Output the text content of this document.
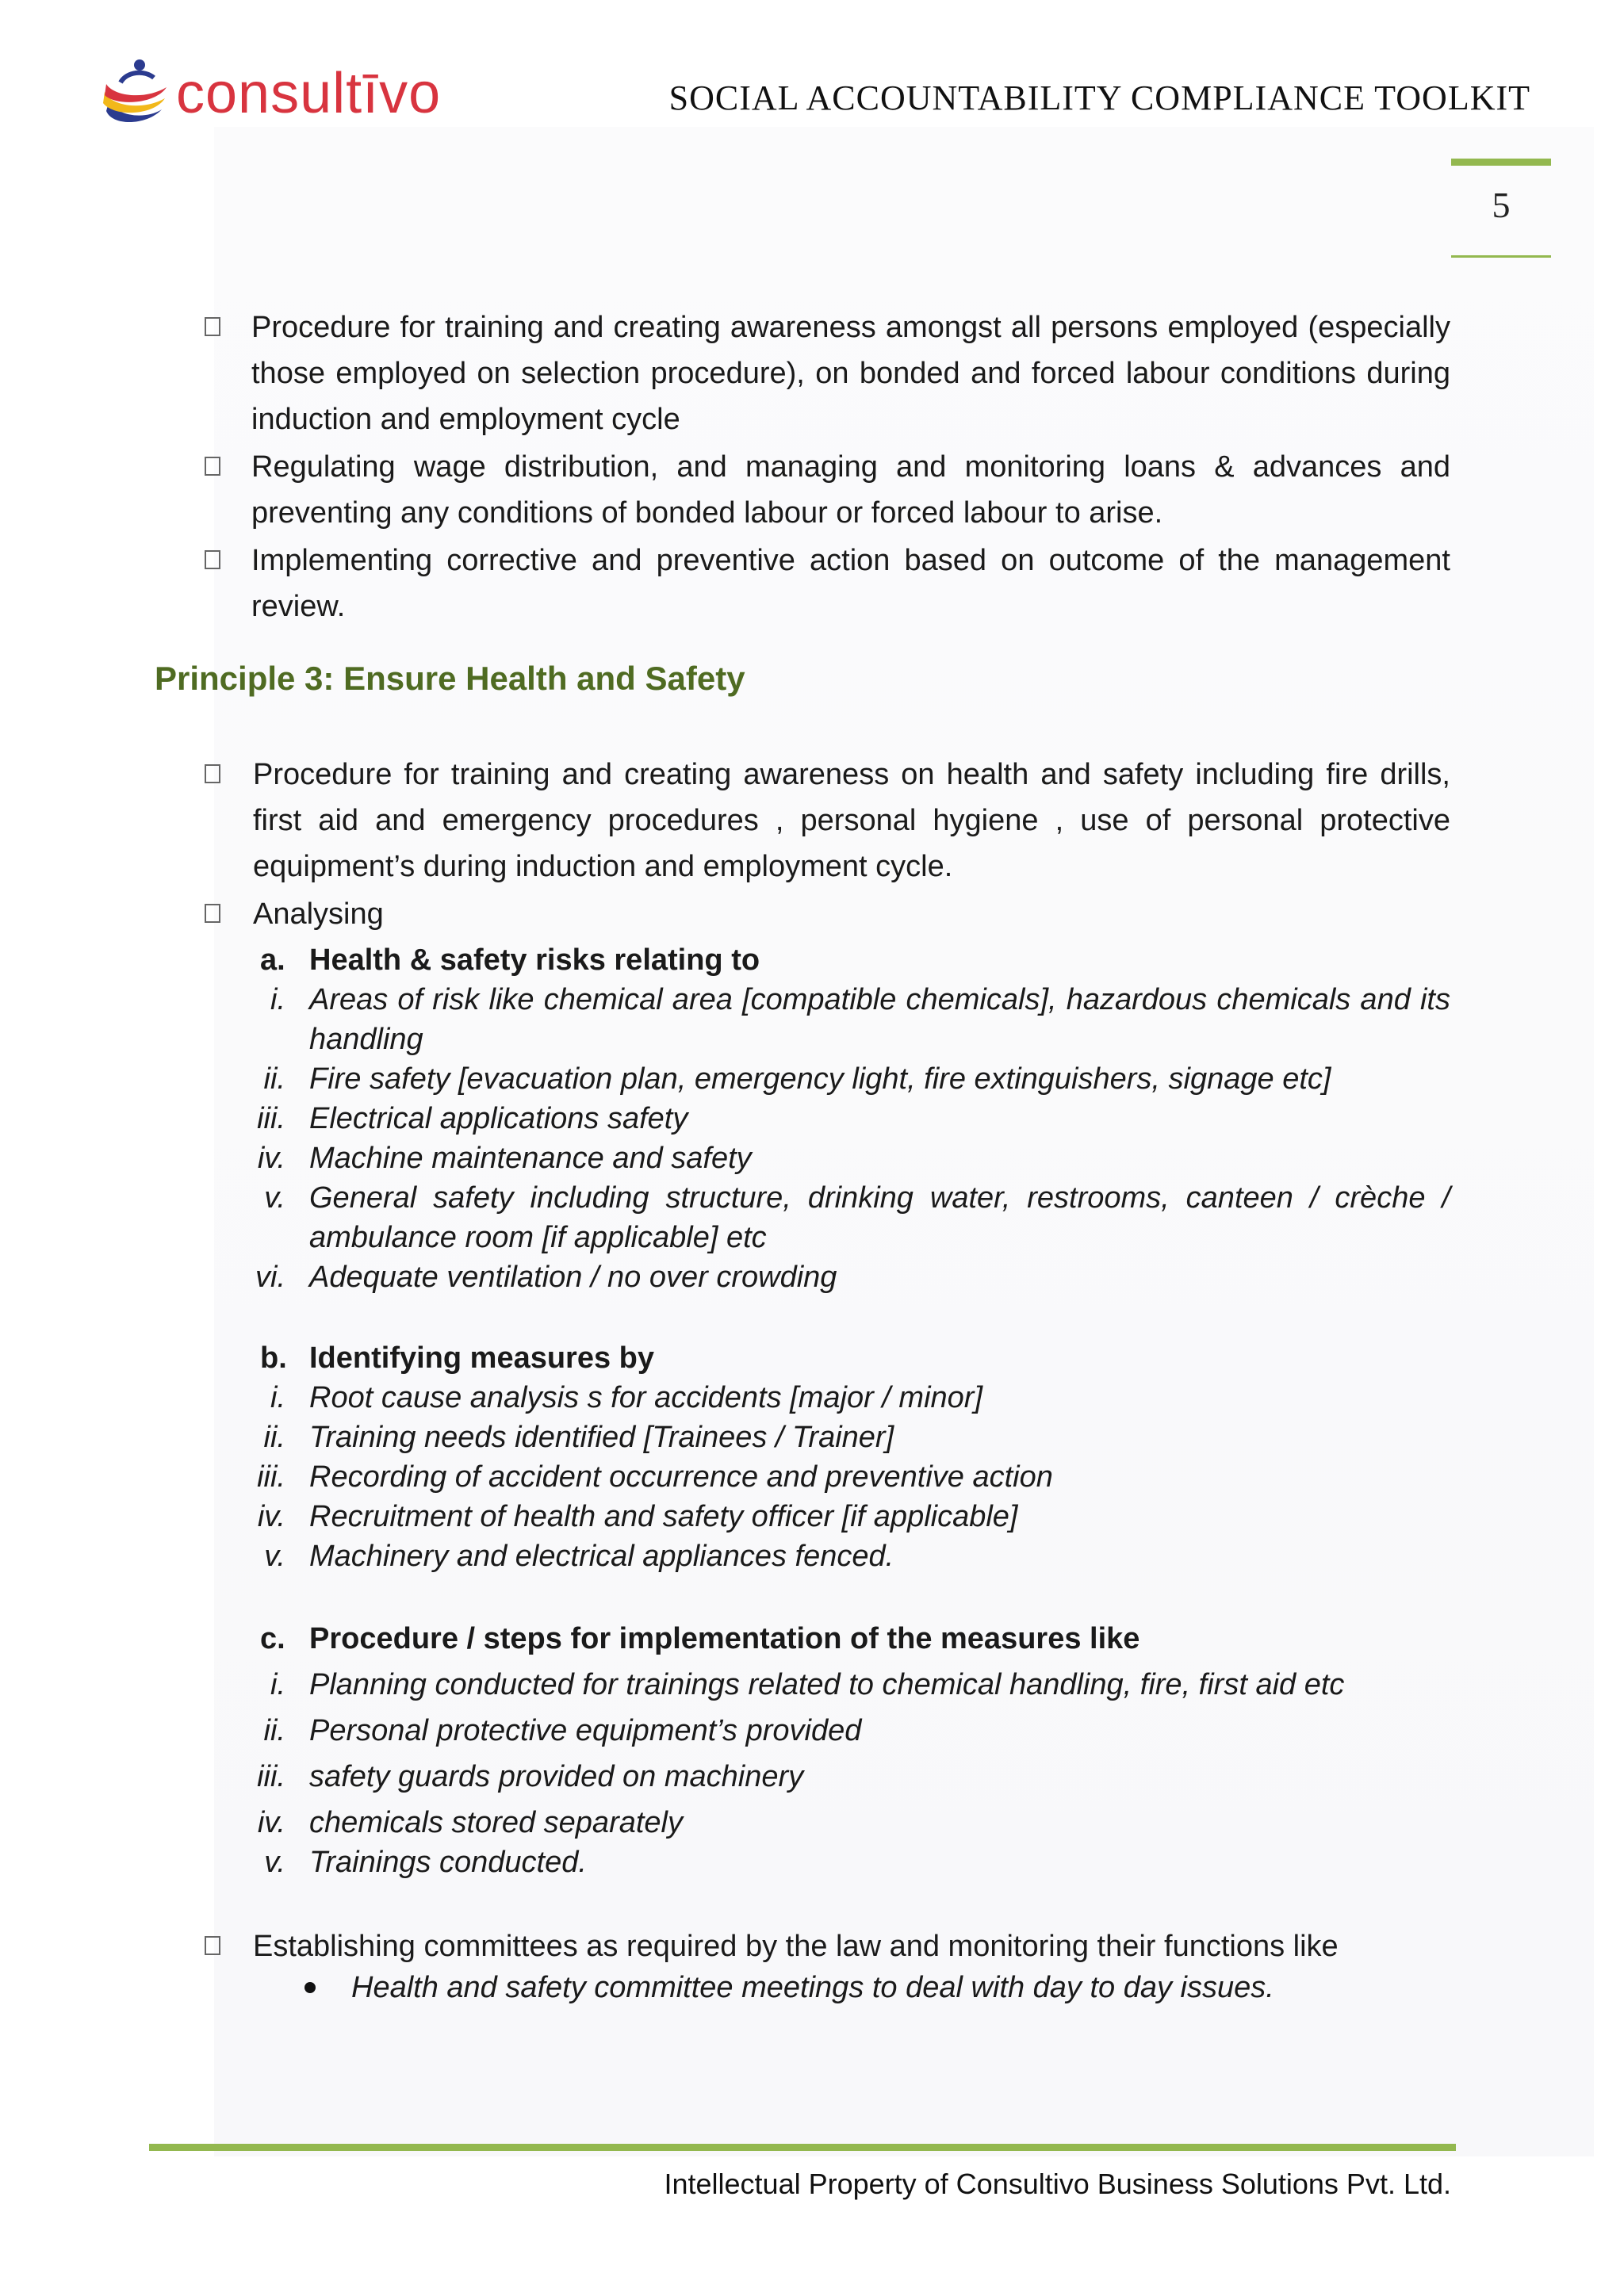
consultīvo	SOCIAL ACCOUNTABILITY COMPLIANCE TOOLKIT
5
Procedure for training and creating awareness amongst all persons employed (especially those employed on selection procedure), on bonded and forced labour conditions during induction and employment cycle
Regulating wage distribution, and managing and monitoring loans & advances and preventing any conditions of bonded labour or forced labour to arise.
Implementing corrective and preventive action based on outcome of the management review.
Principle 3: Ensure Health and Safety
Procedure for training and creating awareness on health and safety including fire drills, first aid and emergency procedures , personal hygiene , use of personal protective equipment’s during induction and employment cycle.
Analysing
a. Health & safety risks relating to
i. Areas of risk like chemical area [compatible chemicals], hazardous chemicals and its handling
ii. Fire safety [evacuation plan, emergency light, fire extinguishers, signage etc]
iii. Electrical applications safety
iv. Machine maintenance and safety
v. General safety including structure, drinking water, restrooms, canteen / crèche / ambulance room [if applicable] etc
vi. Adequate ventilation / no over crowding
b. Identifying measures by
i. Root cause analysis s for accidents [major / minor]
ii. Training needs identified [Trainees / Trainer]
iii. Recording of accident occurrence and preventive action
iv. Recruitment of health and safety officer [if applicable]
v. Machinery and electrical appliances fenced.
c. Procedure / steps for implementation of the measures like
i. Planning conducted for trainings related to chemical handling, fire, first aid etc
ii. Personal protective equipment’s provided
iii. safety guards provided on machinery
iv. chemicals stored separately
v. Trainings conducted.
Establishing committees as required by the law and monitoring their functions like
Health and safety committee meetings to deal with day to day issues.
Intellectual Property of Consultivo Business Solutions Pvt. Ltd.
